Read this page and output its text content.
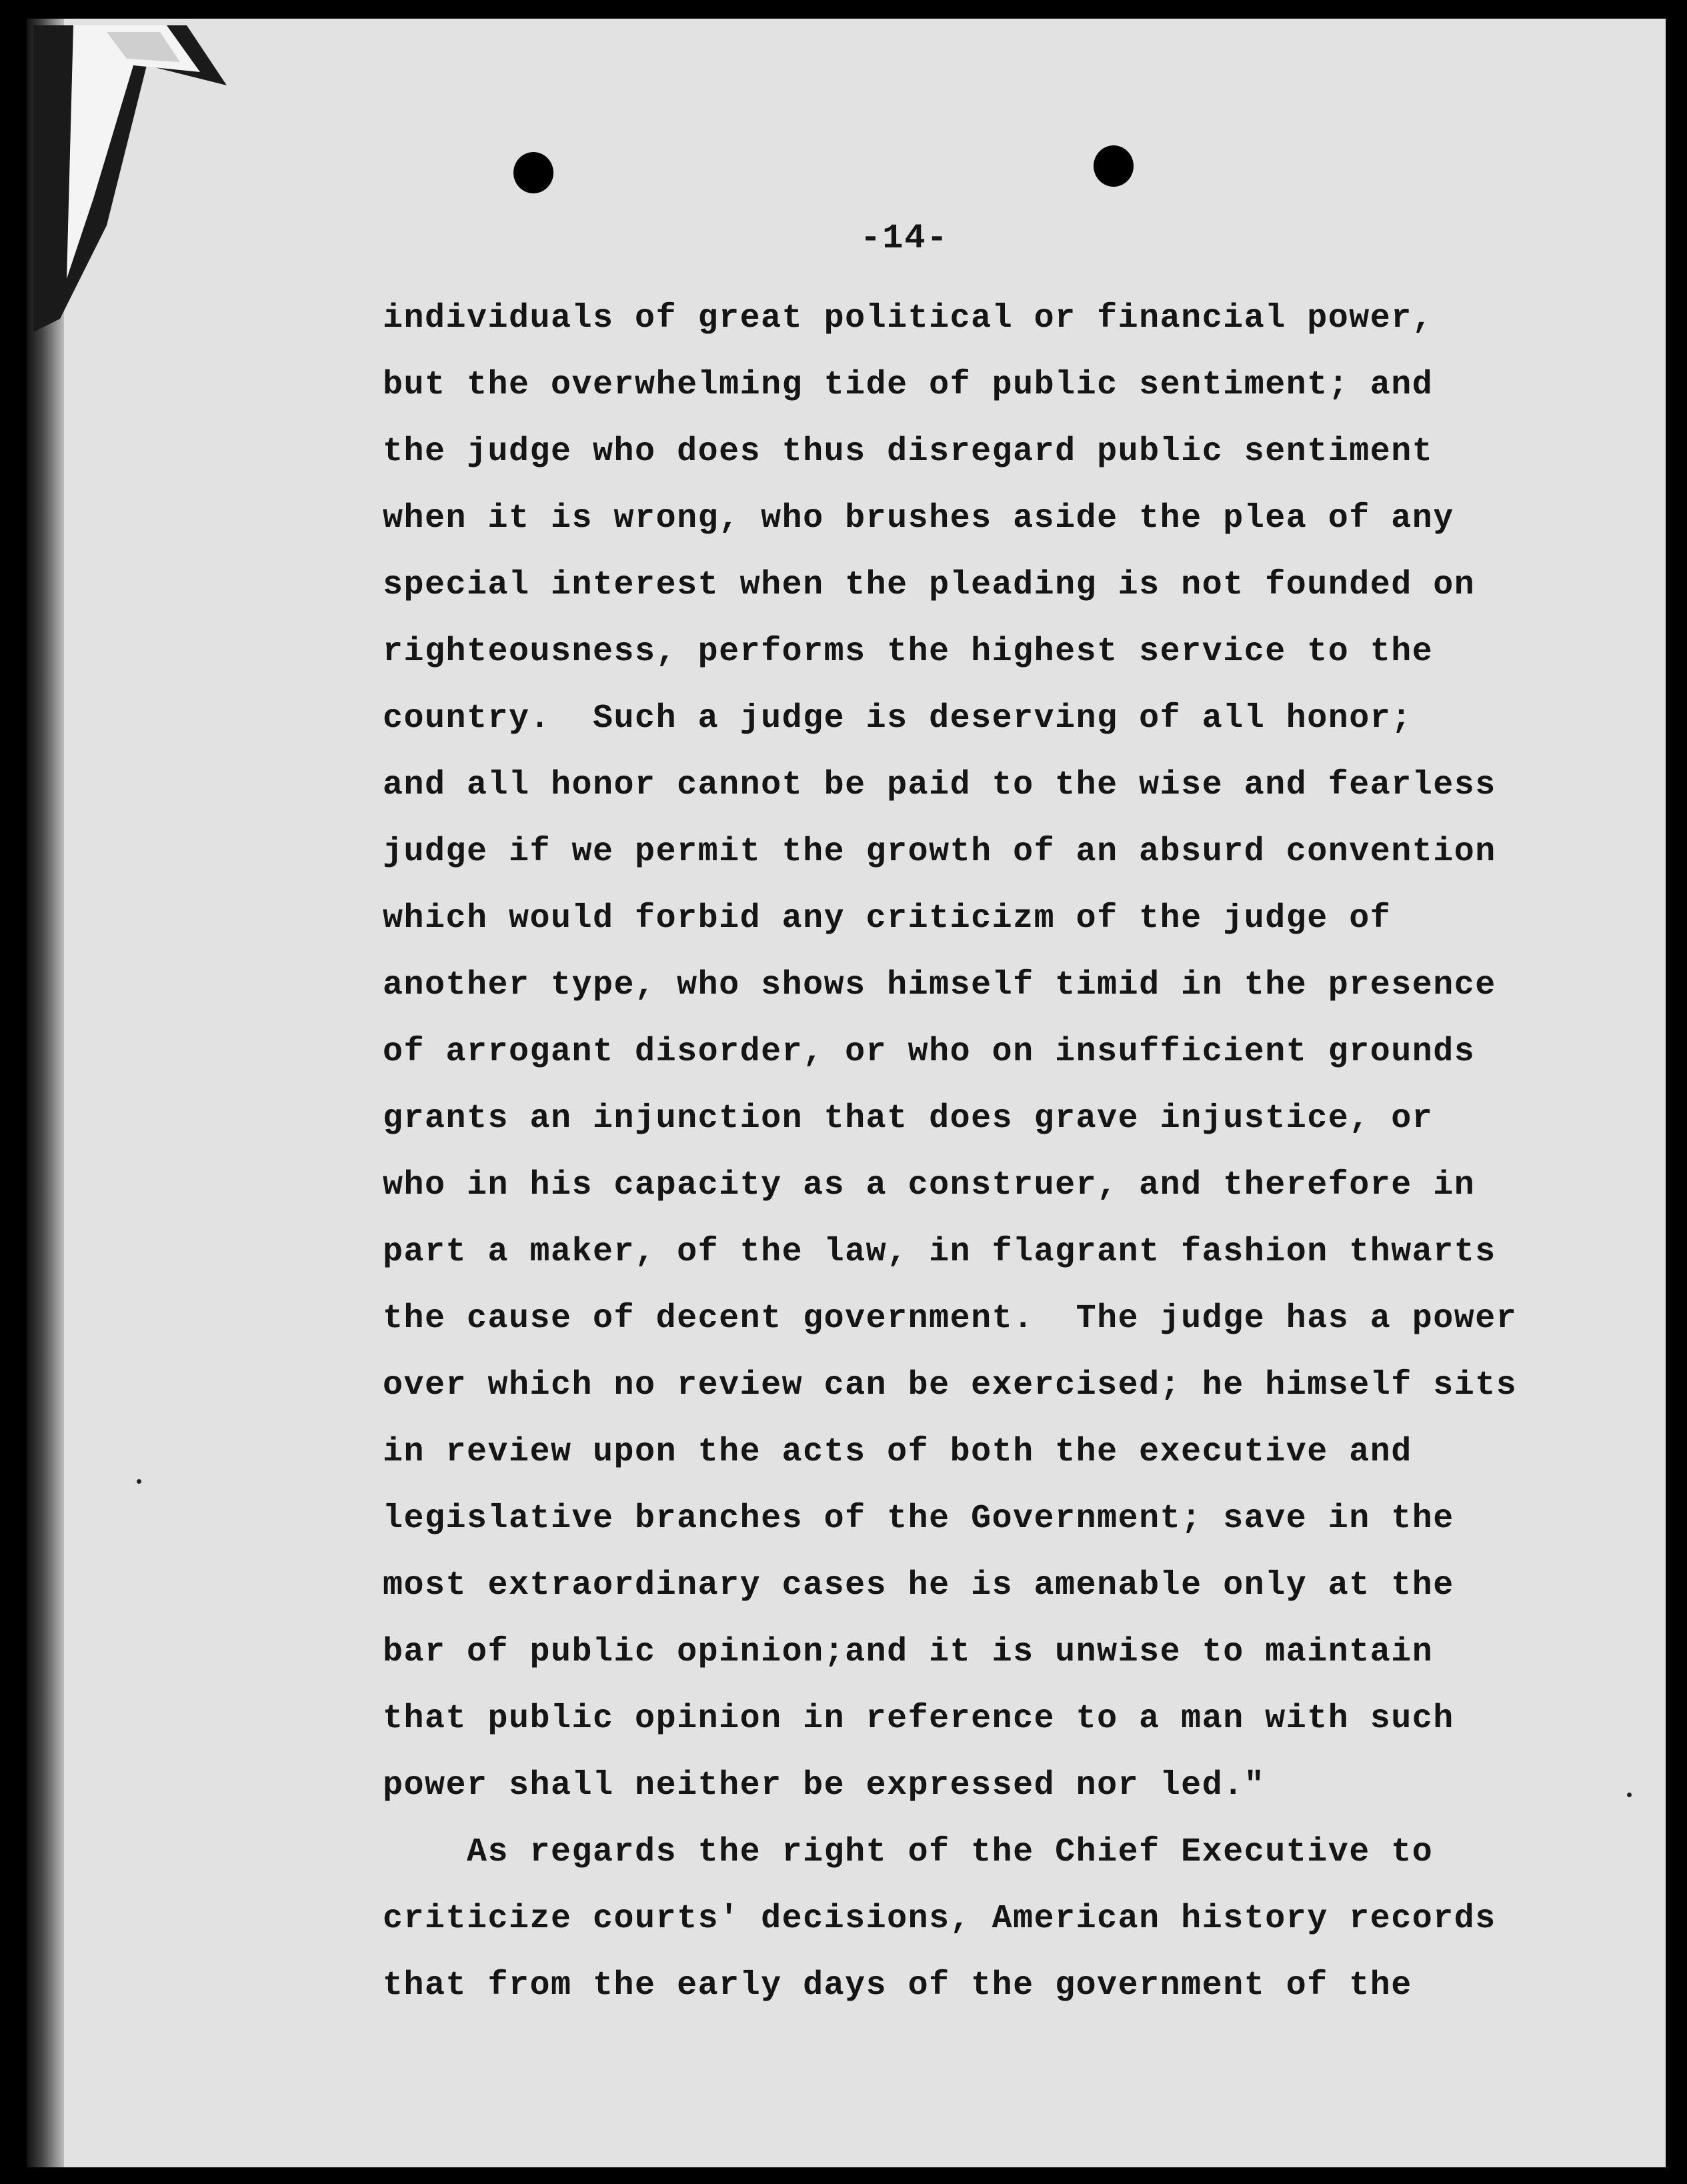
-14-
individuals of great political or financial power,
but the overwhelming tide of public sentiment; and
the judge who does thus disregard public sentiment
when it is wrong, who brushes aside the plea of any
special interest when the pleading is not founded on
righteousness, performs the highest service to the
country.  Such a judge is deserving of all honor;
and all honor cannot be paid to the wise and fearless
judge if we permit the growth of an absurd convention
which would forbid any criticizm of the judge of
another type, who shows himself timid in the presence
of arrogant disorder, or who on insufficient grounds
grants an injunction that does grave injustice, or
who in his capacity as a construer, and therefore in
part a maker, of the law, in flagrant fashion thwarts
the cause of decent government.  The judge has a power
over which no review can be exercised; he himself sits
in review upon the acts of both the executive and
legislative branches of the Government; save in the
most extraordinary cases he is amenable only at the
bar of public opinion;and it is unwise to maintain
that public opinion in reference to a man with such
power shall neither be expressed nor led."
As regards the right of the Chief Executive to
criticize courts' decisions, American history records
that from the early days of the government of the
